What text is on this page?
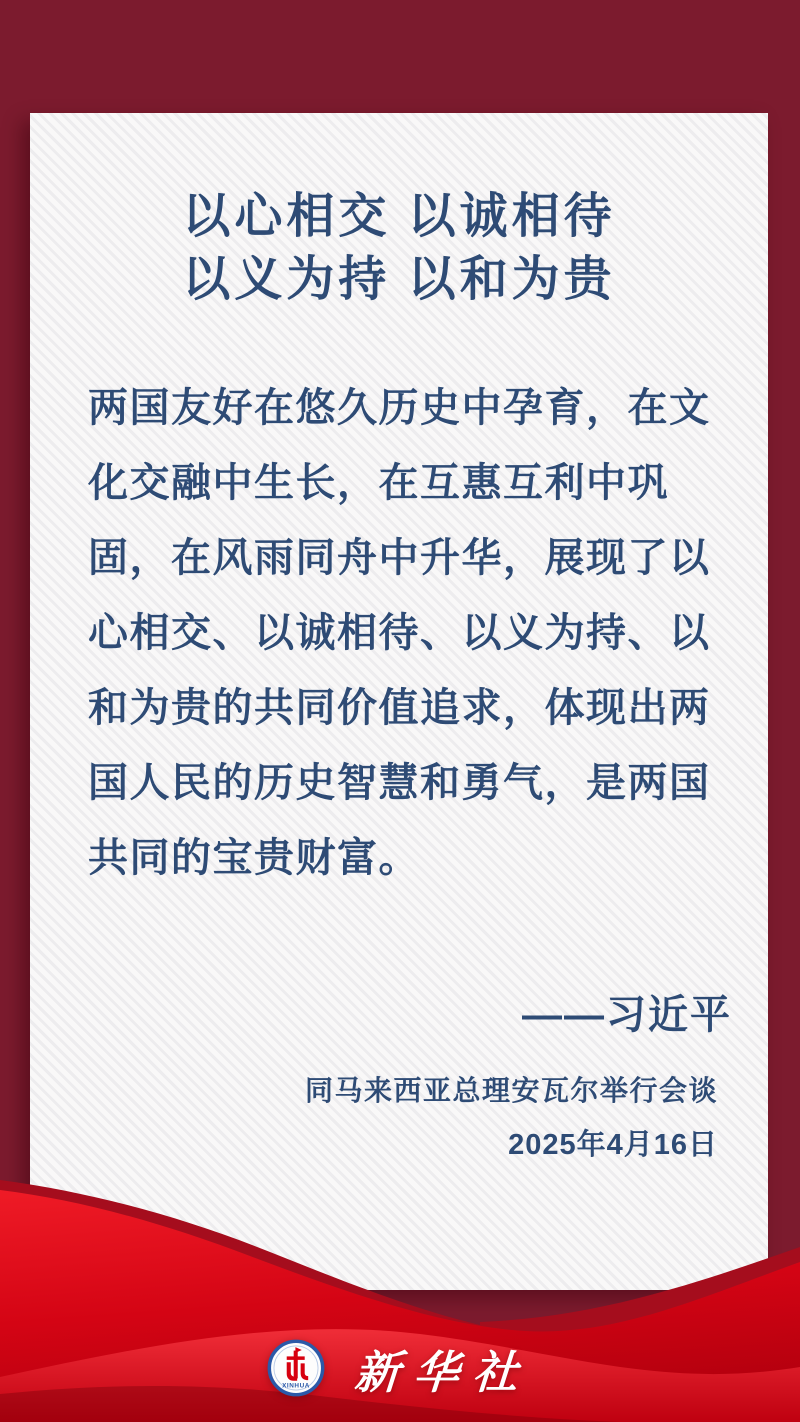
以心相交 以诚相待
以义为持 以和为贵

两国友好在悠久历史中孕育，在文化交融中生长，在互惠互利中巩固，在风雨同舟中升华，展现了以心相交、以诚相待、以义为持、以和为贵的共同价值追求，体现出两国人民的历史智慧和勇气，是两国共同的宝贵财富。

——习近平
同马来西亚总理安瓦尔举行会谈
2025年4月16日
XINHUA 新华社
